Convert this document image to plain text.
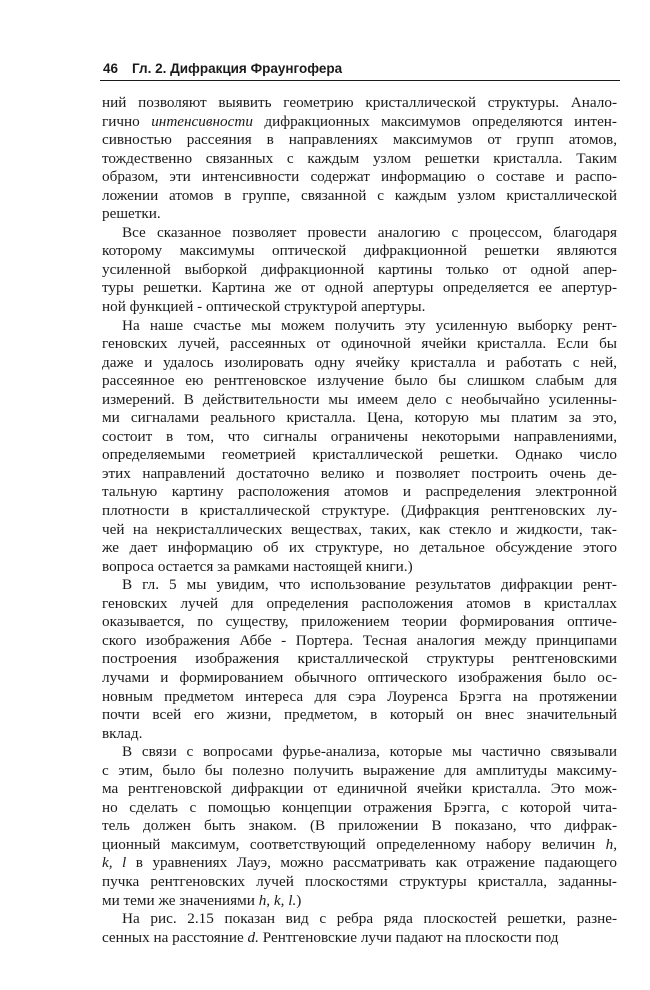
46 Гл. 2. Дифракция Фраунгофера
ний позволяют выявить геометрию кристаллической структуры. Анало-
гично интенсивности дифракционных максимумов определяются интен-
сивностью рассеяния в направлениях максимумов от групп атомов,
тождественно связанных с каждым узлом решетки кристалла. Таким
образом, эти интенсивности содержат информацию о составе и распо-
ложении атомов в группе, связанной с каждым узлом кристаллической
решетки.
Все сказанное позволяет провести аналогию с процессом, благодаря
которому максимумы оптической дифракционной решетки являются
усиленной выборкой дифракционной картины только от одной апер-
туры решетки. Картина же от одной апертуры определяется ее апертур-
ной функцией - оптической структурой апертуры.
На наше счастье мы можем получить эту усиленную выборку рент-
геновских лучей, рассеянных от одиночной ячейки кристалла. Если бы
даже и удалось изолировать одну ячейку кристалла и работать с ней,
рассеянное ею рентгеновское излучение было бы слишком слабым для
измерений. В действительности мы имеем дело с необычайно усиленны-
ми сигналами реального кристалла. Цена, которую мы платим за это,
состоит в том, что сигналы ограничены некоторыми направлениями,
определяемыми геометрией кристаллической решетки. Однако число
этих направлений достаточно велико и позволяет построить очень де-
тальную картину расположения атомов и распределения электронной
плотности в кристаллической структуре. (Дифракция рентгеновских лу-
чей на некристаллических веществах, таких, как стекло и жидкости, так-
же дает информацию об их структуре, но детальное обсуждение этого
вопроса остается за рамками настоящей книги.)
В гл. 5 мы увидим, что использование результатов дифракции рент-
геновских лучей для определения расположения атомов в кристаллах
оказывается, по существу, приложением теории формирования оптиче-
ского изображения Аббе - Портера. Тесная аналогия между принципами
построения изображения кристаллической структуры рентгеновскими
лучами и формированием обычного оптического изображения было ос-
новным предметом интереса для сэра Лоуренса Брэгга на протяжении
почти всей его жизни, предметом, в который он внес значительный
вклад.
В связи с вопросами фурье-анализа, которые мы частично связывали
с этим, было бы полезно получить выражение для амплитуды максиму-
ма рентгеновской дифракции от единичной ячейки кристалла. Это мож-
но сделать с помощью концепции отражения Брэгга, с которой чита-
тель должен быть знаком. (В приложении В показано, что дифрак-
ционный максимум, соответствующий определенному набору величин h,
k, l в уравнениях Лауэ, можно рассматривать как отражение падающего
пучка рентгеновских лучей плоскостями структуры кристалла, заданны-
ми теми же значениями h, k, l.)
На рис. 2.15 показан вид с ребра ряда плоскостей решетки, разне-
сенных на расстояние d. Рентгеновские лучи падают на плоскости под
